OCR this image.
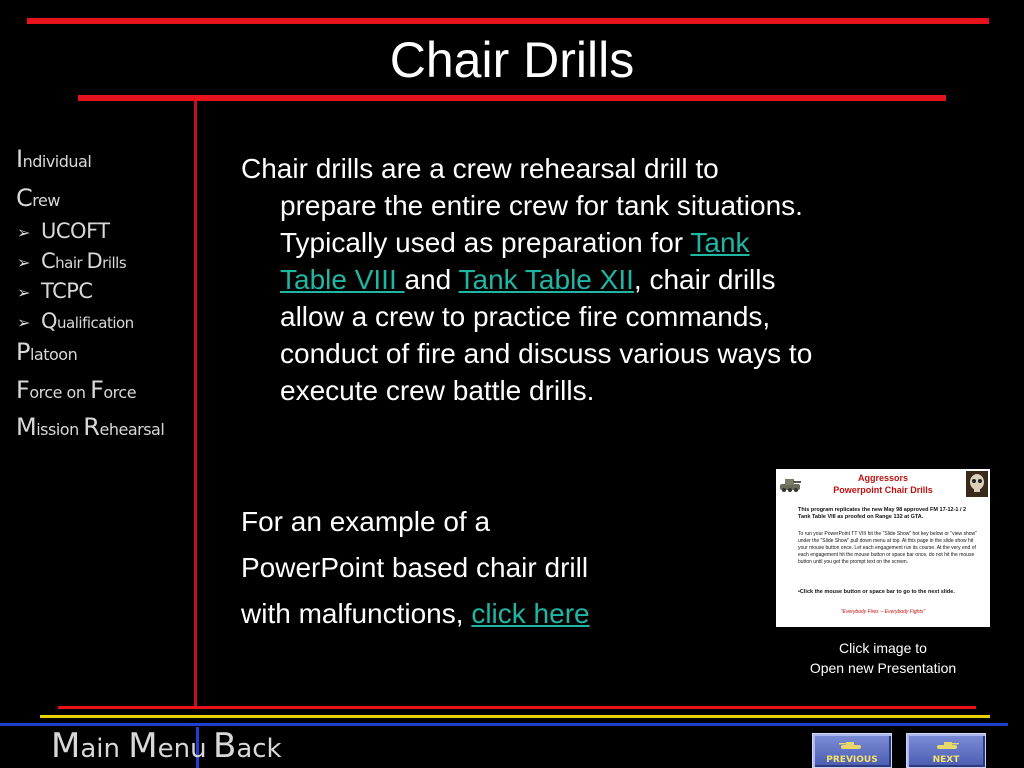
Chair Drills
Individual
Crew
➢ UCOFT
➢ Chair Drills
➢ TCPC
➢ Qualification
Platoon
Force on Force
Mission Rehearsal
Chair drills are a crew rehearsal drill to
prepare the entire crew for tank situations.
Typically used as preparation for Tank
Table VIII and Tank Table XII, chair drills
allow a crew to practice fire commands,
conduct of fire and discuss various ways to
execute crew battle drills.
For an example of a
PowerPoint based chair drill
with malfunctions, click here
Aggressors
Powerpoint Chair Drills
This program replicates the new May 98 approved FM 17-12-1 / 2 Tank Table VIII as proofed on Range 132 at GTA.
To run your PowerPoint TT VIII hit the "Slide Show" hot key below or "view show" under the "Slide Show" pull down menu at top. At this page in the slide show hit your mouse button once. Let each engagement run its course. At the very end of each engagement hit the mouse button or space bar once, do not hit the mouse button until you get the prompt text on the screen.
•Click the mouse button or space bar to go to the next slide.
"Everybody Fires -- Everybody Fights"
Click image to
Open new Presentation
Main Menu Back	PREVIOUS	NEXT
